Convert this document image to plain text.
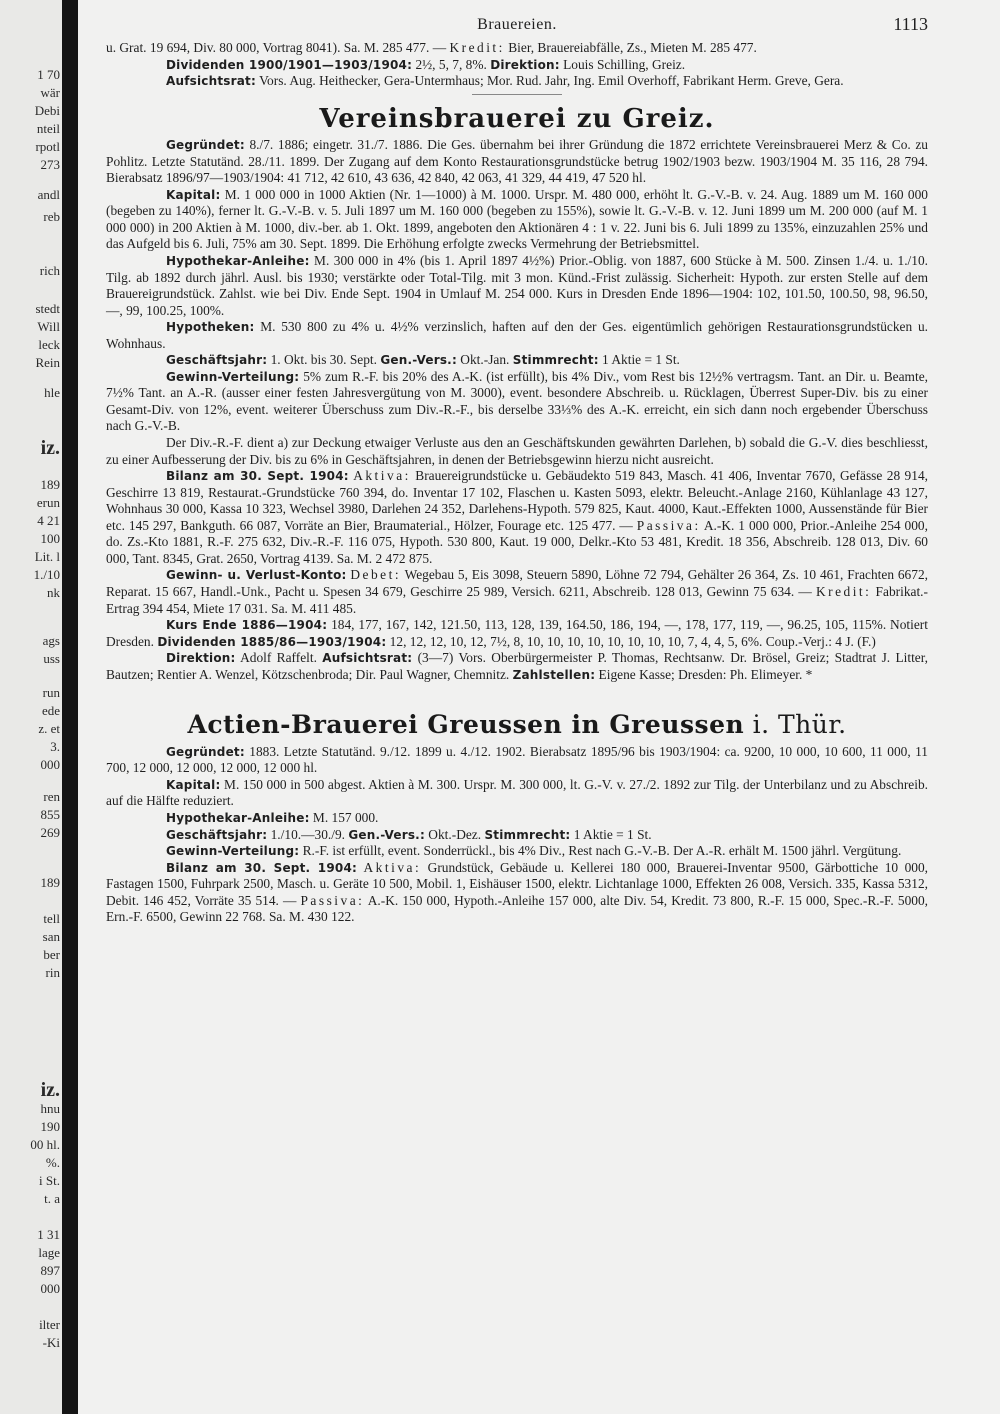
1 70
wär
Debi
nteil
rpotl
273
andl
reb
rich
stedt
Will
leck
Rein
hle
iz.
189
erun
4 21
100
Lit. l
1./10
nk
ags
uss
run
ede
z. et
3.
000
ren
855
269
189
tell
san
ber
rin
iz.
hnu
190
00 hl.
%.
i St.
t. a
1 31
lage
897
000
ilter
-Ki
Brauereien.	1113

u. Grat. 19 694, Div. 80 000, Vortrag 8041). Sa. M. 285 477. — Kredit: Bier, Brauereiabfälle, Zs., Mieten M. 285 477.

Dividenden 1900/1901—1903/1904: 2½, 5, 7, 8%. Direktion: Louis Schilling, Greiz.

Aufsichtsrat: Vors. Aug. Heithecker, Gera-Untermhaus; Mor. Rud. Jahr, Ing. Emil Overhoff, Fabrikant Herm. Greve, Gera.

Vereinsbrauerei zu Greiz.

Gegründet: 8./7. 1886; eingetr. 31./7. 1886. Die Ges. übernahm bei ihrer Gründung die 1872 errichtete Vereinsbrauerei Merz & Co. zu Pohlitz. Letzte Statutänd. 28./11. 1899. Der Zugang auf dem Konto Restaurationsgrundstücke betrug 1902/1903 bezw. 1903/1904 M. 35 116, 28 794. Bierabsatz 1896/97—1903/1904: 41 712, 42 610, 43 636, 42 840, 42 063, 41 329, 44 419, 47 520 hl.

Kapital: M. 1 000 000 in 1000 Aktien (Nr. 1—1000) à M. 1000. Urspr. M. 480 000, erhöht lt. G.-V.-B. v. 24. Aug. 1889 um M. 160 000 (begeben zu 140%), ferner lt. G.-V.-B. v. 5. Juli 1897 um M. 160 000 (begeben zu 155%), sowie lt. G.-V.-B. v. 12. Juni 1899 um M. 200 000 (auf M. 1 000 000) in 200 Aktien à M. 1000, div.-ber. ab 1. Okt. 1899, angeboten den Aktionären 4 : 1 v. 22. Juni bis 6. Juli 1899 zu 135%, einzuzahlen 25% und das Aufgeld bis 6. Juli, 75% am 30. Sept. 1899. Die Erhöhung erfolgte zwecks Vermehrung der Betriebsmittel.

Hypothekar-Anleihe: M. 300 000 in 4% (bis 1. April 1897 4½%) Prior.-Oblig. von 1887, 600 Stücke à M. 500. Zinsen 1./4. u. 1./10. Tilg. ab 1892 durch jährl. Ausl. bis 1930; verstärkte oder Total-Tilg. mit 3 mon. Künd.-Frist zulässig. Sicherheit: Hypoth. zur ersten Stelle auf dem Brauereigrundstück. Zahlst. wie bei Div. Ende Sept. 1904 in Umlauf M. 254 000. Kurs in Dresden Ende 1896—1904: 102, 101.50, 100.50, 98, 96.50, —, 99, 100.25, 100%.

Hypotheken: M. 530 800 zu 4% u. 4½% verzinslich, haften auf den der Ges. eigentümlich gehörigen Restaurationsgrundstücken u. Wohnhaus.

Geschäftsjahr: 1. Okt. bis 30. Sept. Gen.-Vers.: Okt.-Jan. Stimmrecht: 1 Aktie = 1 St.

Gewinn-Verteilung: 5% zum R.-F. bis 20% des A.-K. (ist erfüllt), bis 4% Div., vom Rest bis 12½% vertragsm. Tant. an Dir. u. Beamte, 7½% Tant. an A.-R. (ausser einer festen Jahresvergütung von M. 3000), event. besondere Abschreib. u. Rücklagen, Überrest Super-Div. bis zu einer Gesamt-Div. von 12%, event. weiterer Überschuss zum Div.-R.-F., bis derselbe 33⅓% des A.-K. erreicht, ein sich dann noch ergebender Überschuss nach G.-V.-B.

Der Div.-R.-F. dient a) zur Deckung etwaiger Verluste aus den an Geschäftskunden gewährten Darlehen, b) sobald die G.-V. dies beschliesst, zu einer Aufbesserung der Div. bis zu 6% in Geschäftsjahren, in denen der Betriebsgewinn hierzu nicht ausreicht.

Bilanz am 30. Sept. 1904: Aktiva: Brauereigrundstücke u. Gebäudekto 519 843, Masch. 41 406, Inventar 7670, Gefässe 28 914, Geschirre 13 819, Restaurat.-Grundstücke 760 394, do. Inventar 17 102, Flaschen u. Kasten 5093, elektr. Beleucht.-Anlage 2160, Kühlanlage 43 127, Wohnhaus 30 000, Kassa 10 323, Wechsel 3980, Darlehen 24 352, Darlehens-Hypoth. 579 825, Kaut. 4000, Kaut.-Effekten 1000, Aussenstände für Bier etc. 145 297, Bankguth. 66 087, Vorräte an Bier, Braumaterial., Hölzer, Fourage etc. 125 477. — Passiva: A.-K. 1 000 000, Prior.-Anleihe 254 000, do. Zs.-Kto 1881, R.-F. 275 632, Div.-R.-F. 116 075, Hypoth. 530 800, Kaut. 19 000, Delkr.-Kto 53 481, Kredit. 18 356, Abschreib. 128 013, Div. 60 000, Tant. 8345, Grat. 2650, Vortrag 4139. Sa. M. 2 472 875.

Gewinn- u. Verlust-Konto: Debet: Wegebau 5, Eis 3098, Steuern 5890, Löhne 72 794, Gehälter 26 364, Zs. 10 461, Frachten 6672, Reparat. 15 667, Handl.-Unk., Pacht u. Spesen 34 679, Geschirre 25 989, Versich. 6211, Abschreib. 128 013, Gewinn 75 634. — Kredit: Fabrikat.-Ertrag 394 454, Miete 17 031. Sa. M. 411 485.

Kurs Ende 1886—1904: 184, 177, 167, 142, 121.50, 113, 128, 139, 164.50, 186, 194, —, 178, 177, 119, —, 96.25, 105, 115%. Notiert Dresden. Dividenden 1885/86—1903/1904: 12, 12, 12, 10, 12, 7½, 8, 10, 10, 10, 10, 10, 10, 10, 10, 7, 4, 4, 5, 6%. Coup.-Verj.: 4 J. (F.)

Direktion: Adolf Raffelt. Aufsichtsrat: (3—7) Vors. Oberbürgermeister P. Thomas, Rechtsanw. Dr. Brösel, Greiz; Stadtrat J. Litter, Bautzen; Rentier A. Wenzel, Kötzschenbroda; Dir. Paul Wagner, Chemnitz. Zahlstellen: Eigene Kasse; Dresden: Ph. Elimeyer. *

Actien-Brauerei Greussen in Greussen i. Thür.

Gegründet: 1883. Letzte Statutänd. 9./12. 1899 u. 4./12. 1902. Bierabsatz 1895/96 bis 1903/1904: ca. 9200, 10 000, 10 600, 11 000, 11 700, 12 000, 12 000, 12 000, 12 000 hl.

Kapital: M. 150 000 in 500 abgest. Aktien à M. 300. Urspr. M. 300 000, lt. G.-V. v. 27./2. 1892 zur Tilg. der Unterbilanz und zu Abschreib. auf die Hälfte reduziert.

Hypothekar-Anleihe: M. 157 000.

Geschäftsjahr: 1./10.—30./9. Gen.-Vers.: Okt.-Dez. Stimmrecht: 1 Aktie = 1 St.

Gewinn-Verteilung: R.-F. ist erfüllt, event. Sonderrückl., bis 4% Div., Rest nach G.-V.-B. Der A.-R. erhält M. 1500 jährl. Vergütung.

Bilanz am 30. Sept. 1904: Aktiva: Grundstück, Gebäude u. Kellerei 180 000, Brauerei-Inventar 9500, Gärbottiche 10 000, Fastagen 1500, Fuhrpark 2500, Masch. u. Geräte 10 500, Mobil. 1, Eishäuser 1500, elektr. Lichtanlage 1000, Effekten 26 008, Versich. 335, Kassa 5312, Debit. 146 452, Vorräte 35 514. — Passiva: A.-K. 150 000, Hypoth.-Anleihe 157 000, alte Div. 54, Kredit. 73 800, R.-F. 15 000, Spec.-R.-F. 5000, Ern.-F. 6500, Gewinn 22 768. Sa. M. 430 122.
